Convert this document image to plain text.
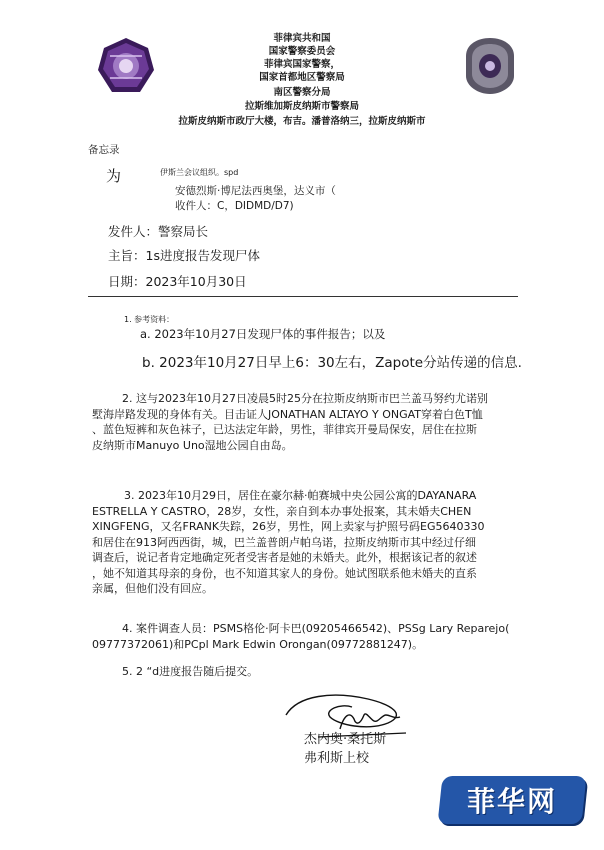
菲律宾共和国
国家警察委员会
菲律宾国家警察，
国家首都地区警察局
南区警察分局
拉斯维加斯皮纳斯市警察局
拉斯皮纳斯市政厅大楼，布吉。潘普洛纳三，拉斯皮纳斯市
备忘录
为	伊斯兰会议组织。spd
安德烈斯·博尼法西奥堡，达义市（
收件人：C，DIDMD/D7)
发件人：警察局长
主旨：1s进度报告发现尸体
日期：2023年10月30日
1. 参考资料：
a. 2023年10月27日发现尸体的事件报告；以及
b. 2023年10月27日早上6：30左右，Zapote分站传递的信息.
2. 这与2023年10月27日凌晨5时25分在拉斯皮纳斯市巴兰盖马努约尤诺别
墅海岸路发现的身体有关。目击证人JONATHAN ALTAYO Y ONGAT穿着白色T恤
、蓝色短裤和灰色袜子，已达法定年龄，男性，菲律宾开曼局保安，居住在拉斯
皮纳斯市Manuyo Uno湿地公园自由岛。
3. 2023年10月29日，居住在豪尔赫·帕赛城中央公园公寓的DAYANARA
ESTRELLA Y CASTRO，28岁，女性，亲自到本办事处报案，其未婚夫CHEN
XINGFENG，又名FRANK失踪，26岁，男性，网上卖家与护照号码EG5640330
和居住在913阿西西街，城，巴兰盖普朗卢帕乌诺，拉斯皮纳斯市其中经过仔细
调查后，说记者肯定地确定死者受害者是她的未婚夫。此外，根据该记者的叙述
，她不知道其母亲的身份，也不知道其家人的身份。她试图联系他未婚夫的直系
亲属，但他们没有回应。
4. 案件调查人员：PSMS格伦·阿卡巴(09205466542)、PSSg Lary Reparejo(
09777372061)和PCpl Mark Edwin Orongan(09772881247)。
5. 2 “d进度报告随后提交。
杰内奥·桑托斯
弗利斯上校
菲华网
